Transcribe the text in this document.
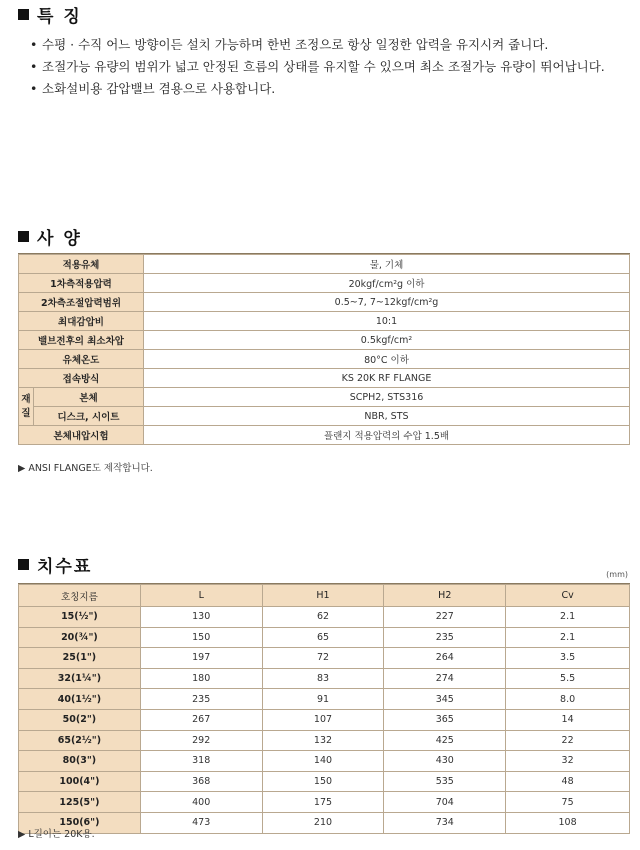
특 징
• 수평 · 수직 어느 방향이든 설치 가능하며 한번 조정으로 항상 일정한 압력을 유지시켜 줍니다.
• 조절가능 유량의 범위가 넓고 안정된 흐름의 상태를 유지할 수 있으며 최소 조절가능 유량이 뛰어납니다.
• 소화설비용 감압밸브 겸용으로 사용합니다.
사 양
적용유체		물, 기체
1차측적용압력		20kgf/cm²g 이하
2차측조절압력범위		0.5~7, 7~12kgf/cm²g
최대감압비		10:1
밸브전후의 최소차압		0.5kgf/cm²
유체온도		80°C 이하
접속방식		KS 20K RF FLANGE
재질	본체	SCPH2, STS316
	디스크, 시이트	NBR, STS
본체내압시험		플랜지 적용압력의 수압 1.5배
▶ ANSI FLANGE도 제작합니다.
치수표	(mm)
호칭지름	L	H1	H2	Cv
15(½")	130	62	227	2.1
20(¾")	150	65	235	2.1
25(1")	197	72	264	3.5
32(1¼")	180	83	274	5.5
40(1½")	235	91	345	8.0
50(2")	267	107	365	14
65(2½")	292	132	425	22
80(3")	318	140	430	32
100(4")	368	150	535	48
125(5")	400	175	704	75
150(6")	473	210	734	108
▶ L길이는 20K용.
